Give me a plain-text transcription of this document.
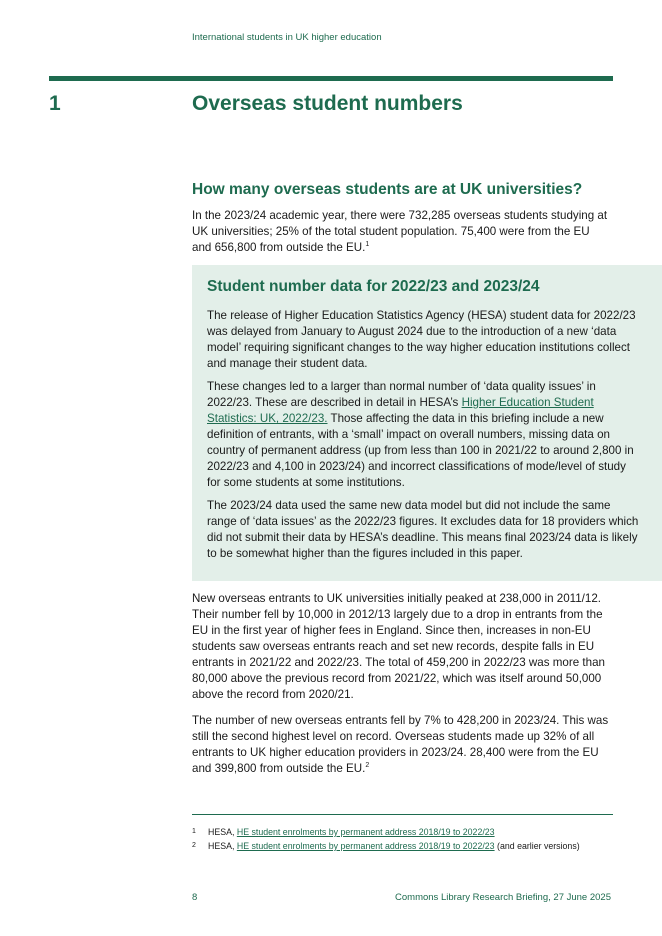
International students in UK higher education
1	Overseas student numbers
How many overseas students are at UK universities?

In the 2023/24 academic year, there were 732,285 overseas students studying at UK universities; 25% of the total student population. 75,400 were from the EU and 656,800 from outside the EU.$^1$

Student number data for 2022/23 and 2023/24

The release of Higher Education Statistics Agency (HESA) student data for 2022/23 was delayed from January to August 2024 due to the introduction of a new ‘data model’ requiring significant changes to the way higher education institutions collect and manage their student data.

These changes led to a larger than normal number of ‘data quality issues’ in 2022/23. These are described in detail in HESA’s Higher Education Student Statistics: UK, 2022/23. Those affecting the data in this briefing include a new definition of entrants, with a ‘small’ impact on overall numbers, missing data on country of permanent address (up from less than 100 in 2021/22 to around 2,800 in 2022/23 and 4,100 in 2023/24) and incorrect classifications of mode/level of study for some students at some institutions.

The 2023/24 data used the same new data model but did not include the same range of ‘data issues’ as the 2022/23 figures. It excludes data for 18 providers which did not submit their data by HESA’s deadline. This means final 2023/24 data is likely to be somewhat higher than the figures included in this paper.

New overseas entrants to UK universities initially peaked at 238,000 in 2011/12. Their number fell by 10,000 in 2012/13 largely due to a drop in entrants from the EU in the first year of higher fees in England. Since then, increases in non-EU students saw overseas entrants reach and set new records, despite falls in EU entrants in 2021/22 and 2022/23. The total of 459,200 in 2022/23 was more than 80,000 above the previous record from 2021/22, which was itself around 50,000 above the record from 2020/21.

The number of new overseas entrants fell by 7% to 428,200 in 2023/24. This was still the second highest level on record. Overseas students made up 32% of all entrants to UK higher education providers in 2023/24. 28,400 were from the EU and 399,800 from outside the EU.$^2$

1	HESA, HE student enrolments by permanent address 2018/19 to 2022/23
2	HESA, HE student enrolments by permanent address 2018/19 to 2022/23 (and earlier versions)
8	Commons Library Research Briefing, 27 June 2025
